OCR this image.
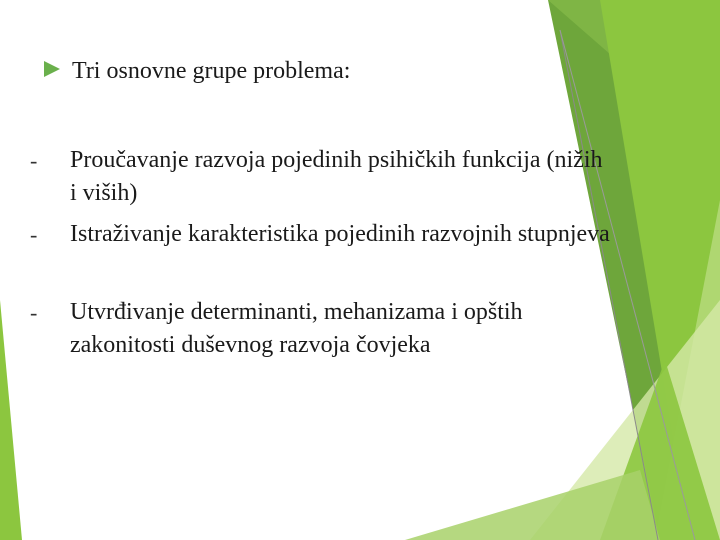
Tri osnovne grupe problema:
-	Proučavanje razvoja pojedinih psihičkih funkcija (nižih i viših)
-	Istraživanje karakteristika pojedinih razvojnih stupnjeva
-	Utvrđivanje determinanti, mehanizama i opštih zakonitosti duševnog razvoja čovjeka
